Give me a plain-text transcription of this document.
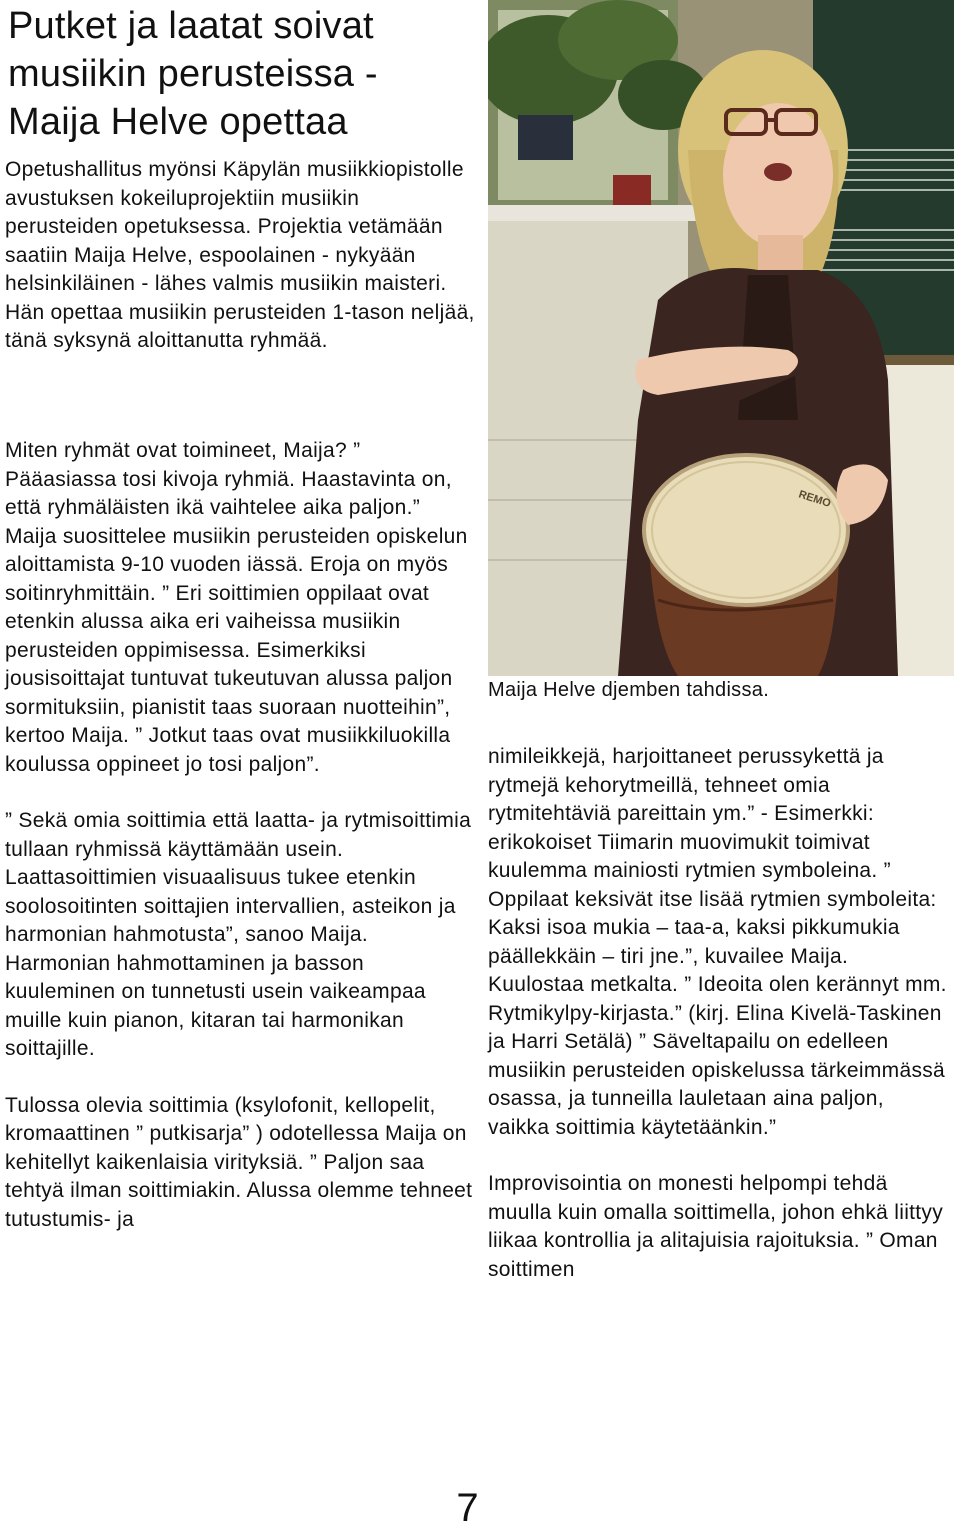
Putket ja laatat soivat musiikin perusteissa - Maija Helve opettaa

Opetushallitus myönsi Käpylän musiikkiopistolle avustuksen kokeiluprojektiin musiikin perusteiden opetuksessa. Projektia vetämään saatiin Maija Helve, espoolainen - nykyään helsinkiläinen - lähes valmis musiikin maisteri. Hän opettaa musiikin perusteiden 1-tason neljää, tänä syksynä aloittanutta ryhmää.

Miten ryhmät ovat toimineet, Maija? ” Pääasiassa tosi kivoja ryhmiä. Haastavinta on, että ryhmäläisten ikä vaihtelee aika paljon.” Maija suosittelee musiikin perusteiden opiskelun aloittamista 9-10 vuoden iässä. Eroja on myös soitinryhmittäin. ” Eri soittimien oppilaat ovat etenkin alussa aika eri vaiheissa musiikin perusteiden oppimisessa. Esimerkiksi jousisoittajat tuntuvat tukeutuvan alussa paljon sormituksiin, pianistit taas suoraan nuotteihin”, kertoo Maija. ” Jotkut taas ovat musiikkiluokilla koulussa oppineet jo tosi paljon”.

” Sekä omia soittimia että laatta- ja rytmisoittimia tullaan ryhmissä käyttämään usein. Laattasoittimien visuaalisuus tukee etenkin soolosoitinten soittajien intervallien, asteikon ja harmonian hahmotusta”, sanoo Maija. Harmonian hahmottaminen ja basson kuuleminen on tunnetusti usein vaikeampaa muille kuin pianon, kitaran tai harmonikan soittajille.

Tulossa olevia soittimia (ksylofonit, kellopelit, kromaattinen ” putkisarja” ) odotellessa Maija on kehitellyt kaikenlaisia virityksiä. ” Paljon saa tehtyä ilman soittimiakin. Alussa olemme tehneet tutustumis- ja

REMO
Maija Helve djemben tahdissa.

nimileikkejä, harjoittaneet perussykettä ja rytmejä kehorytmeillä, tehneet omia rytmitehtäviä pareittain ym.” - Esimerkki: erikokoiset Tiimarin muovimukit toimivat kuulemma mainiosti rytmien symboleina. ” Oppilaat keksivät itse lisää rytmien symboleita: Kaksi isoa mukia – taa-a, kaksi pikkumukia päällekkäin – tiri jne.”, kuvailee Maija. Kuulostaa metkalta. ” Ideoita olen kerännyt mm. Rytmikylpy-kirjasta.” (kirj. Elina Kivelä-Taskinen ja Harri Setälä) ” Säveltapailu on edelleen musiikin perusteiden opiskelussa tärkeimmässä osassa, ja tunneilla lauletaan aina paljon, vaikka soittimia käytetäänkin.”

Improvisointia on monesti helpompi tehdä muulla kuin omalla soittimella, johon ehkä liittyy liikaa kontrollia ja alitajuisia rajoituksia. ” Oman soittimen

7
